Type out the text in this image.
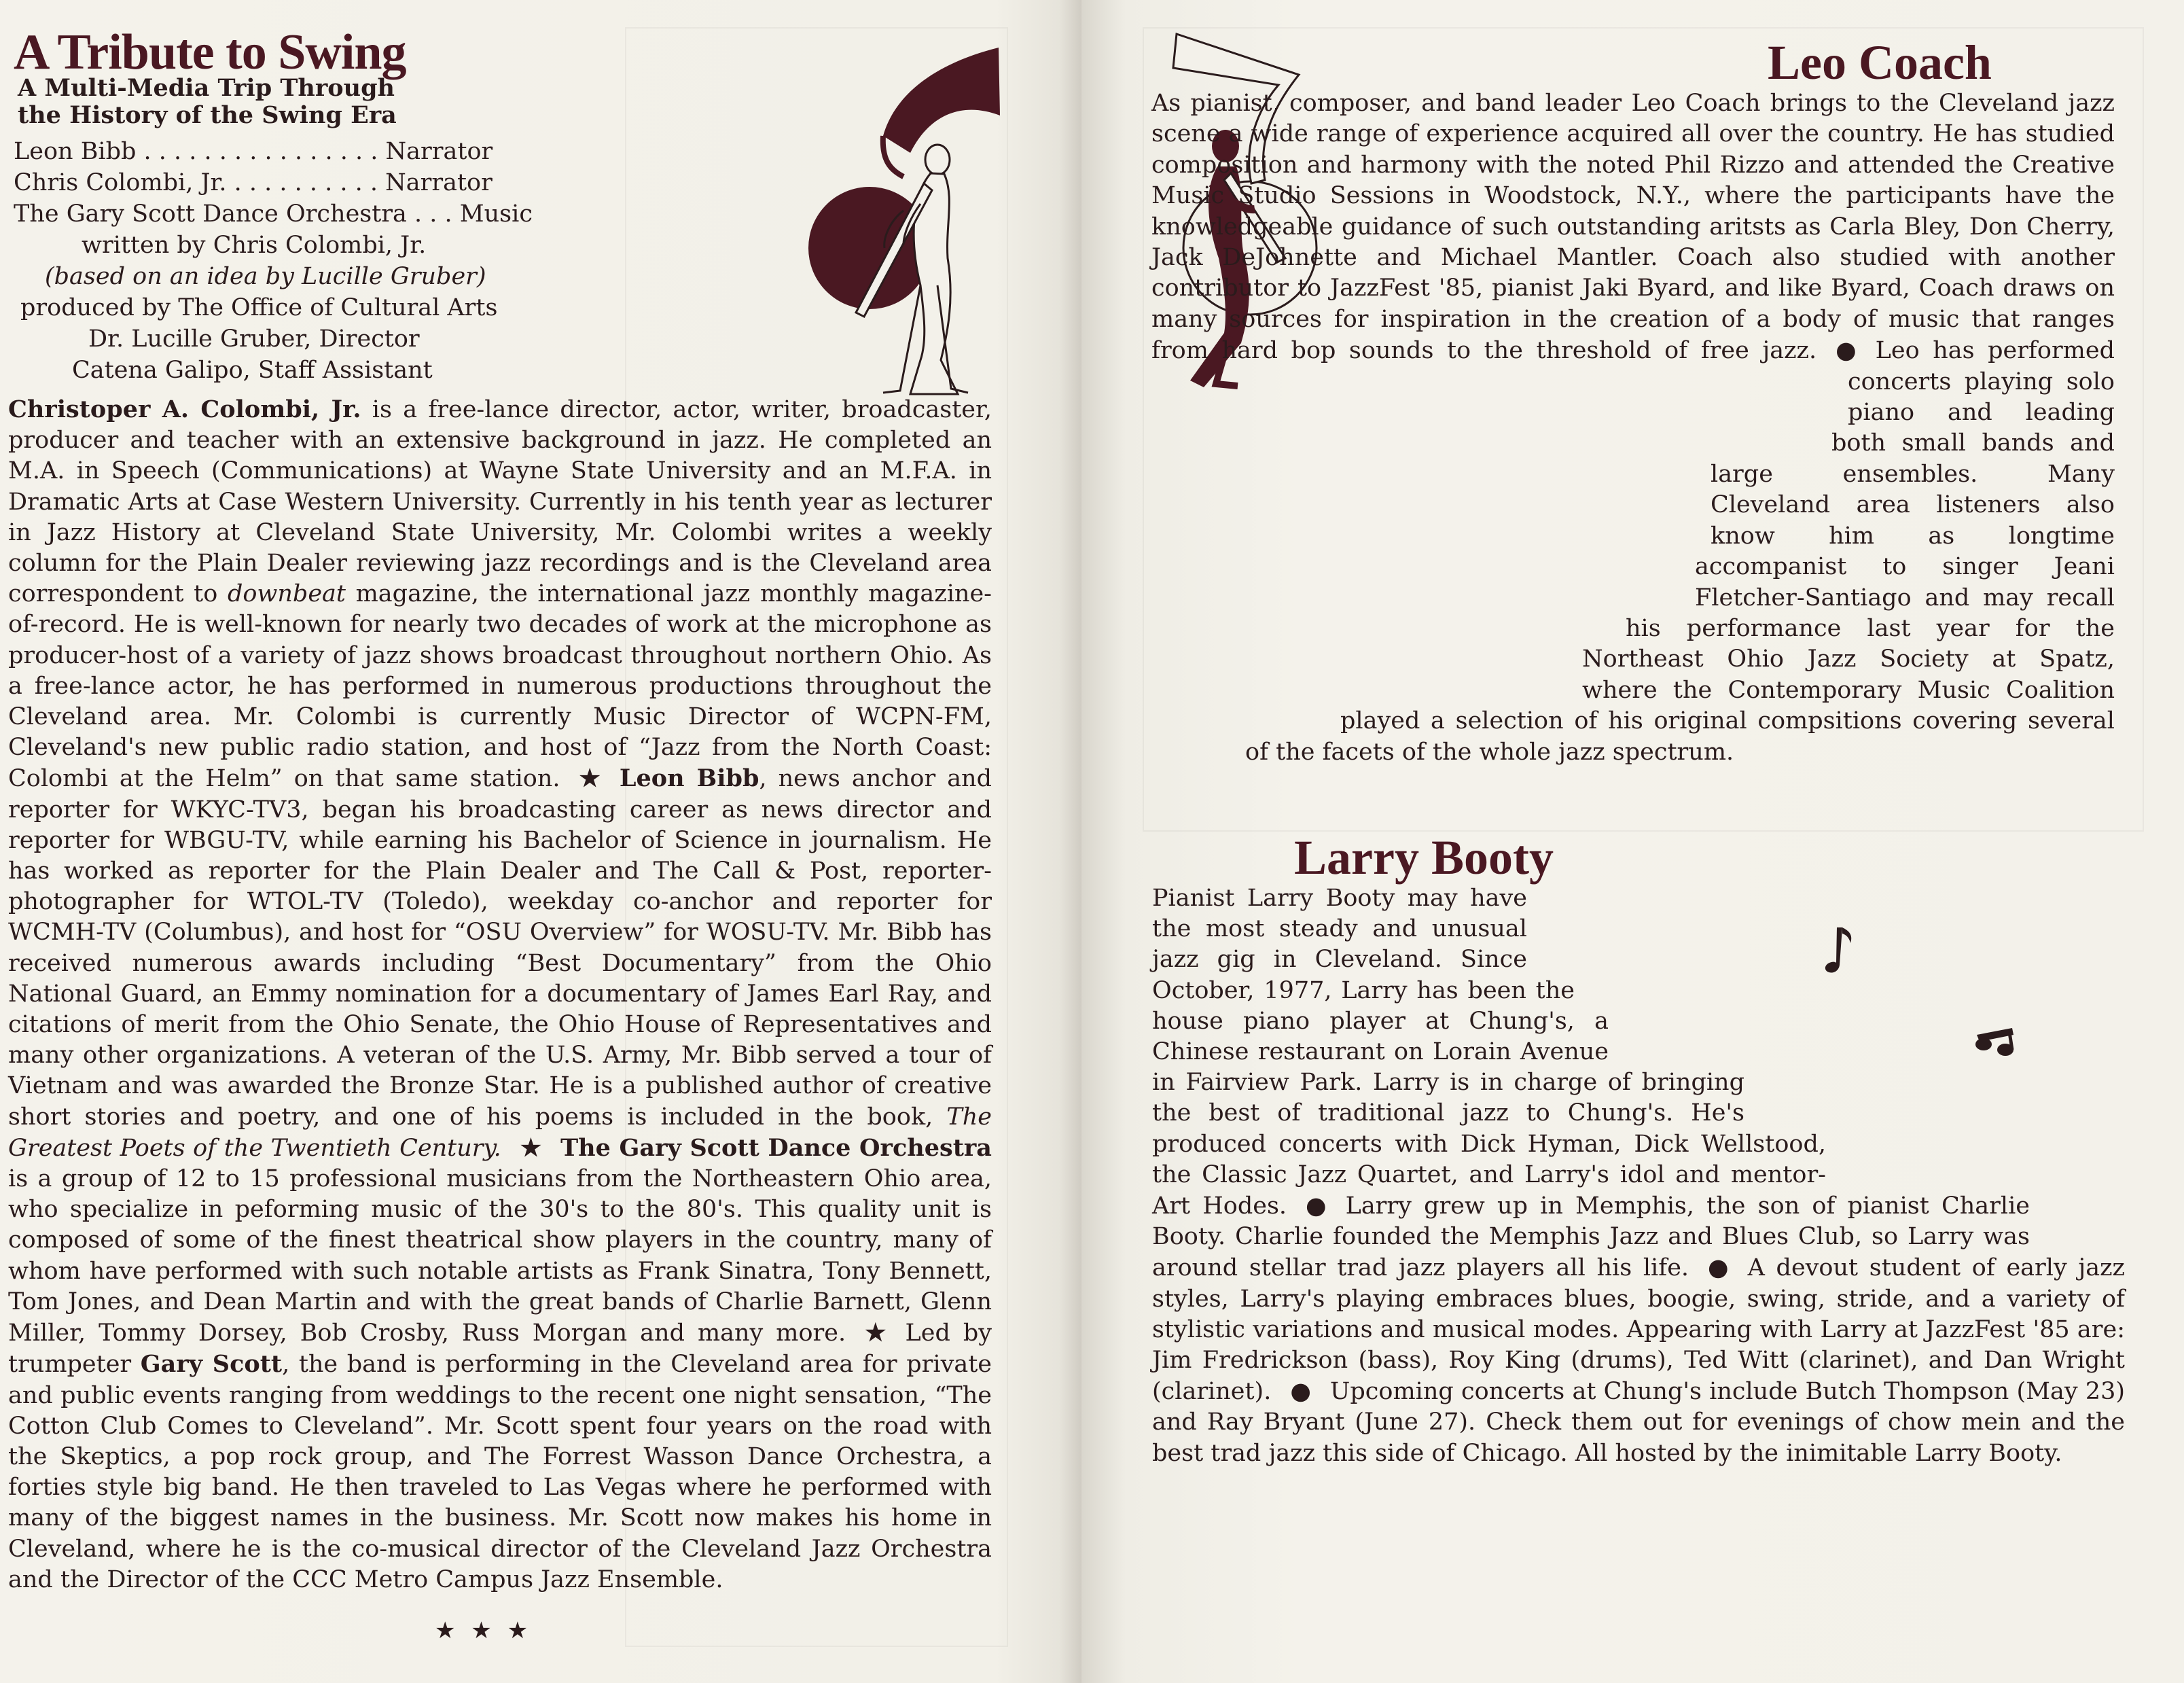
A Tribute to Swing
A Multi-Media Trip Through
the History of the Swing Era
Leon Bibb . . . . . . . . . . . . . . . . Narrator
Chris Colombi, Jr. . . . . . . . . . . Narrator
The Gary Scott Dance Orchestra . . . Music
written by Chris Colombi, Jr.
(based on an idea by Lucille Gruber)
produced by The Office of Cultural Arts
Dr. Lucille Gruber, Director
Catena Galipo, Staff Assistant

Christoper A. Colombi, Jr. is a free-lance director, actor, writer, broadcaster, producer and teacher with an extensive background in jazz. He completed an M.A. in Speech (Communications) at Wayne State University and an M.F.A. in Dramatic Arts at Case Western University. Currently in his tenth year as lecturer in Jazz History at Cleveland State University, Mr. Colombi writes a weekly column for the Plain Dealer reviewing jazz recordings and is the Cleveland area correspondent to downbeat magazine, the international jazz monthly magazine-of-record. He is well-known for nearly two decades of work at the microphone as producer-host of a variety of jazz shows broadcast throughout northern Ohio. As a free-lance actor, he has performed in numerous productions throughout the Cleveland area. Mr. Colombi is currently Music Director of WCPN-FM, Cleveland's new public radio station, and host of “Jazz from the North Coast: Colombi at the Helm” on that same station. ★ Leon Bibb, news anchor and reporter for WKYC-TV3, began his broadcasting career as news director and reporter for WBGU-TV, while earning his Bachelor of Science in journalism. He has worked as reporter for the Plain Dealer and The Call & Post, reporter-photographer for WTOL-TV (Toledo), weekday co-anchor and reporter for WCMH-TV (Columbus), and host for “OSU Overview” for WOSU-TV. Mr. Bibb has received numerous awards including “Best Documentary” from the Ohio National Guard, an Emmy nomination for a documentary of James Earl Ray, and citations of merit from the Ohio Senate, the Ohio House of Representatives and many other organizations. A veteran of the U.S. Army, Mr. Bibb served a tour of Vietnam and was awarded the Bronze Star. He is a published author of creative short stories and poetry, and one of his poems is included in the book, The Greatest Poets of the Twentieth Century. ★ The Gary Scott Dance Orchestra is a group of 12 to 15 professional musicians from the Northeastern Ohio area, who specialize in peforming music of the 30's to the 80's. This quality unit is composed of some of the finest theatrical show players in the country, many of whom have performed with such notable artists as Frank Sinatra, Tony Bennett, Tom Jones, and Dean Martin and with the great bands of Charlie Barnett, Glenn Miller, Tommy Dorsey, Bob Crosby, Russ Morgan and many more. ★ Led by trumpeter Gary Scott, the band is performing in the Cleveland area for private and public events ranging from weddings to the recent one night sensation, “The Cotton Club Comes to Cleveland”. Mr. Scott spent four years on the road with the Skeptics, a pop rock group, and The Forrest Wasson Dance Orchestra, a forties style big band. He then traveled to Las Vegas where he performed with many of the biggest names in the business. Mr. Scott now makes his home in Cleveland, where he is the co-musical director of the Cleveland Jazz Orchestra and the Director of the CCC Metro Campus Jazz Ensemble.

★ ★ ★
Leo Coach

As pianist, composer, and band leader Leo Coach brings to the Cleveland jazz scene a wide range of experience acquired all over the country. He has studied composition and harmony with the noted Phil Rizzo and attended the Creative Music Studio Sessions in Woodstock, N.Y., where the participants have the knowledgeable guidance of such outstanding aritsts as Carla Bley, Don Cherry, Jack DeJohnette and Michael Mantler. Coach also studied with another contributor to JazzFest '85, pianist Jaki Byard, and like Byard, Coach draws on many sources for inspiration in the creation of a body of music that ranges from hard bop sounds to the threshold of free jazz. ● Leo has performed concerts playing solo piano and leading both small bands and large ensembles. Many Cleveland area listeners also know him as longtime accompanist to singer Jeani Fletcher-Santiago and may recall his performance last year for the Northeast Ohio Jazz Society at Spatz, where the Contemporary Music Coalition played a selection of his original compsitions covering several of the facets of the whole jazz spectrum.

Larry Booty

Pianist Larry Booty may have the most steady and unusual jazz gig in Cleveland. Since October, 1977, Larry has been the house piano player at Chung's, a Chinese restaurant on Lorain Avenue in Fairview Park. Larry is in charge of bringing the best of traditional jazz to Chung's. He's produced concerts with Dick Hyman, Dick Wellstood, the Classic Jazz Quartet, and Larry's idol and mentor-Art Hodes. ● Larry grew up in Memphis, the son of pianist Charlie Booty. Charlie founded the Memphis Jazz and Blues Club, so Larry was around stellar trad jazz players all his life. ● A devout student of early jazz styles, Larry's playing embraces blues, boogie, swing, stride, and a variety of stylistic variations and musical modes. Appearing with Larry at JazzFest '85 are: Jim Fredrickson (bass), Roy King (drums), Ted Witt (clarinet), and Dan Wright (clarinet). ● Upcoming concerts at Chung's include Butch Thompson (May 23) and Ray Bryant (June 27). Check them out for evenings of chow mein and the best trad jazz this side of Chicago. All hosted by the inimitable Larry Booty.
